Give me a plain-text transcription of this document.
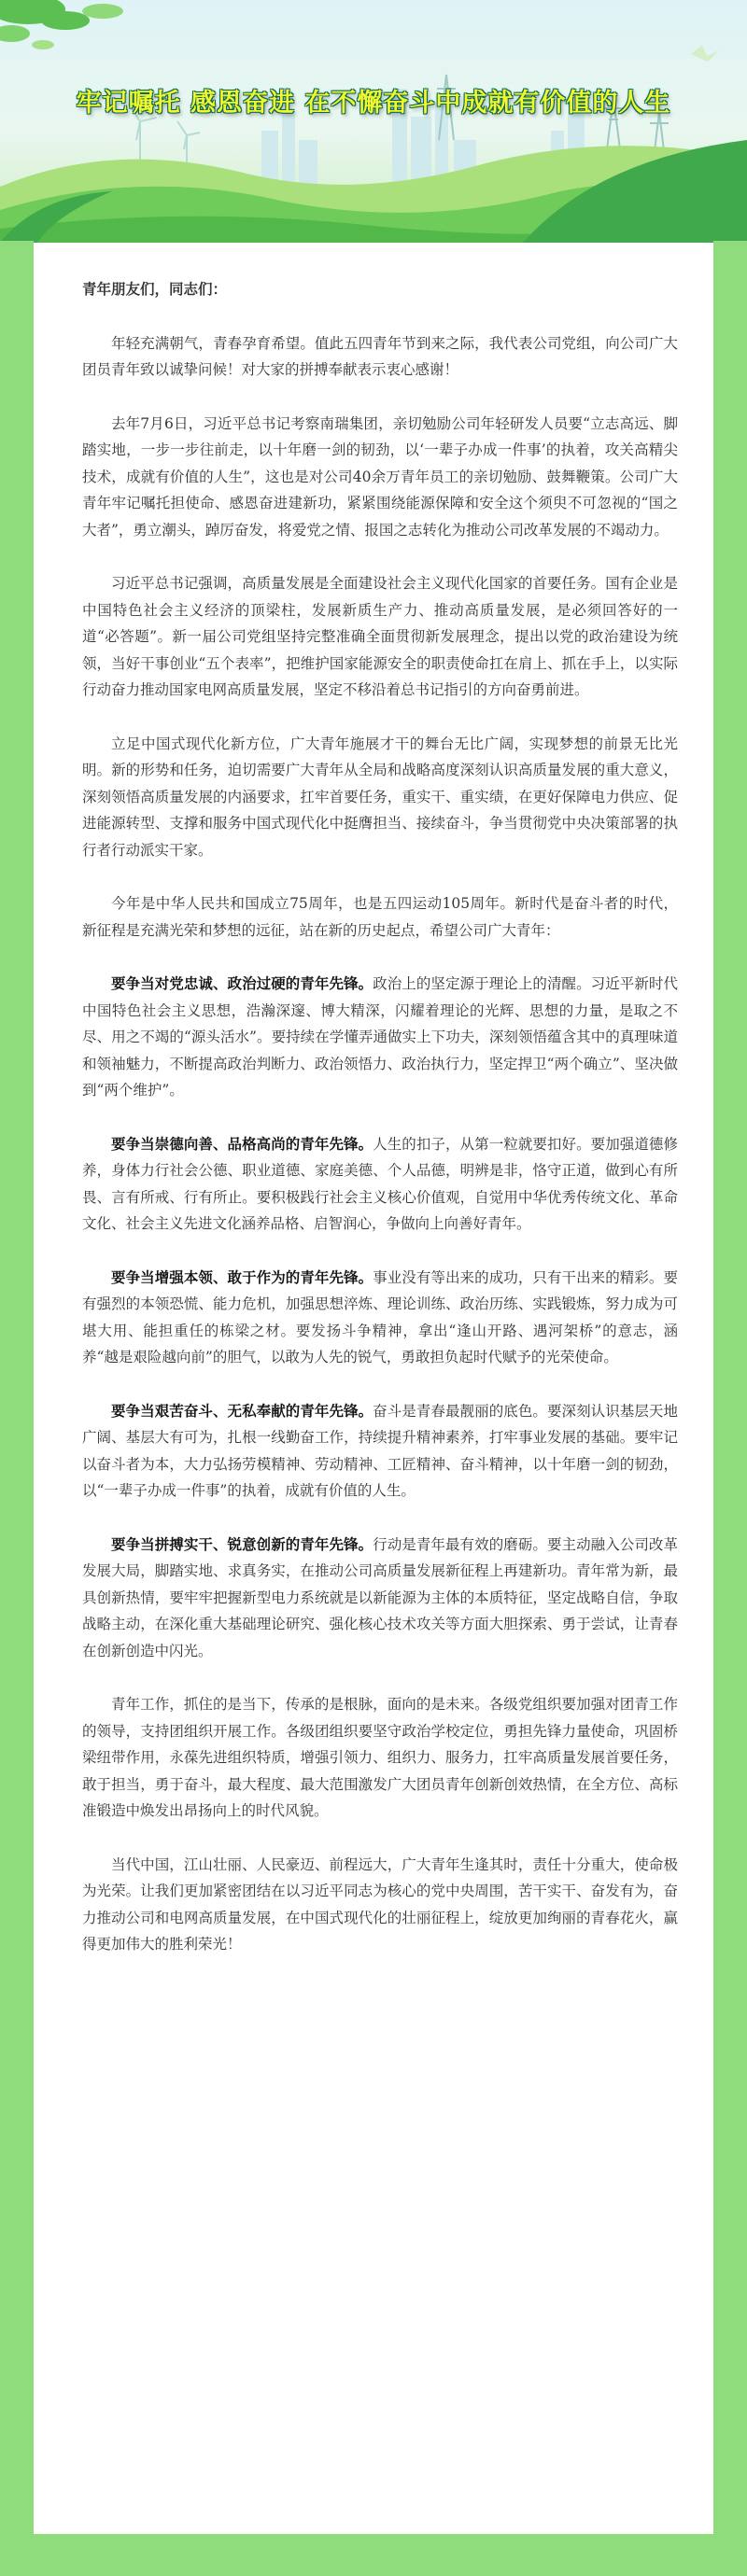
牢记嘱托 感恩奋进 在不懈奋斗中成就有价值的人生

青年朋友们，同志们：

年轻充满朝气，青春孕育希望。值此五四青年节到来之际，我代表公司党组，向公司广大团员青年致以诚挚问候！对大家的拼搏奉献表示衷心感谢！

去年7月6日，习近平总书记考察南瑞集团，亲切勉励公司年轻研发人员要“立志高远、脚踏实地，一步一步往前走，以十年磨一剑的韧劲，以‘一辈子办成一件事’的执着，攻关高精尖技术，成就有价值的人生”，这也是对公司40余万青年员工的亲切勉励、鼓舞鞭策。公司广大青年牢记嘱托担使命、感恩奋进建新功，紧紧围绕能源保障和安全这个须臾不可忽视的“国之大者”，勇立潮头，踔厉奋发，将爱党之情、报国之志转化为推动公司改革发展的不竭动力。

习近平总书记强调，高质量发展是全面建设社会主义现代化国家的首要任务。国有企业是中国特色社会主义经济的顶梁柱，发展新质生产力、推动高质量发展，是必须回答好的一道“必答题”。新一届公司党组坚持完整准确全面贯彻新发展理念，提出以党的政治建设为统领，当好干事创业“五个表率”，把维护国家能源安全的职责使命扛在肩上、抓在手上，以实际行动奋力推动国家电网高质量发展，坚定不移沿着总书记指引的方向奋勇前进。

立足中国式现代化新方位，广大青年施展才干的舞台无比广阔，实现梦想的前景无比光明。新的形势和任务，迫切需要广大青年从全局和战略高度深刻认识高质量发展的重大意义，深刻领悟高质量发展的内涵要求，扛牢首要任务，重实干、重实绩，在更好保障电力供应、促进能源转型、支撑和服务中国式现代化中挺膺担当、接续奋斗，争当贯彻党中央决策部署的执行者行动派实干家。

今年是中华人民共和国成立75周年，也是五四运动105周年。新时代是奋斗者的时代，新征程是充满光荣和梦想的远征，站在新的历史起点，希望公司广大青年：

要争当对党忠诚、政治过硬的青年先锋。政治上的坚定源于理论上的清醒。习近平新时代中国特色社会主义思想，浩瀚深邃、博大精深，闪耀着理论的光辉、思想的力量，是取之不尽、用之不竭的“源头活水”。要持续在学懂弄通做实上下功夫，深刻领悟蕴含其中的真理味道和领袖魅力，不断提高政治判断力、政治领悟力、政治执行力，坚定捍卫“两个确立”、坚决做到“两个维护”。

要争当崇德向善、品格高尚的青年先锋。人生的扣子，从第一粒就要扣好。要加强道德修养，身体力行社会公德、职业道德、家庭美德、个人品德，明辨是非，恪守正道，做到心有所畏、言有所戒、行有所止。要积极践行社会主义核心价值观，自觉用中华优秀传统文化、革命文化、社会主义先进文化涵养品格、启智润心，争做向上向善好青年。

要争当增强本领、敢于作为的青年先锋。事业没有等出来的成功，只有干出来的精彩。要有强烈的本领恐慌、能力危机，加强思想淬炼、理论训练、政治历练、实践锻炼，努力成为可堪大用、能担重任的栋梁之材。要发扬斗争精神，拿出“逢山开路、遇河架桥”的意志，涵养“越是艰险越向前”的胆气，以敢为人先的锐气，勇敢担负起时代赋予的光荣使命。

要争当艰苦奋斗、无私奉献的青年先锋。奋斗是青春最靓丽的底色。要深刻认识基层天地广阔、基层大有可为，扎根一线勤奋工作，持续提升精神素养，打牢事业发展的基础。要牢记以奋斗者为本，大力弘扬劳模精神、劳动精神、工匠精神、奋斗精神，以十年磨一剑的韧劲，以“一辈子办成一件事”的执着，成就有价值的人生。

要争当拼搏实干、锐意创新的青年先锋。行动是青年最有效的磨砺。要主动融入公司改革发展大局，脚踏实地、求真务实，在推动公司高质量发展新征程上再建新功。青年常为新，最具创新热情，要牢牢把握新型电力系统就是以新能源为主体的本质特征，坚定战略自信，争取战略主动，在深化重大基础理论研究、强化核心技术攻关等方面大胆探索、勇于尝试，让青春在创新创造中闪光。

青年工作，抓住的是当下，传承的是根脉，面向的是未来。各级党组织要加强对团青工作的领导，支持团组织开展工作。各级团组织要坚守政治学校定位，勇担先锋力量使命，巩固桥梁纽带作用，永葆先进组织特质，增强引领力、组织力、服务力，扛牢高质量发展首要任务，敢于担当，勇于奋斗，最大程度、最大范围激发广大团员青年创新创效热情，在全方位、高标准锻造中焕发出昂扬向上的时代风貌。

当代中国，江山壮丽、人民豪迈、前程远大，广大青年生逢其时，责任十分重大，使命极为光荣。让我们更加紧密团结在以习近平同志为核心的党中央周围，苦干实干、奋发有为，奋力推动公司和电网高质量发展，在中国式现代化的壮丽征程上，绽放更加绚丽的青春花火，赢得更加伟大的胜利荣光！
